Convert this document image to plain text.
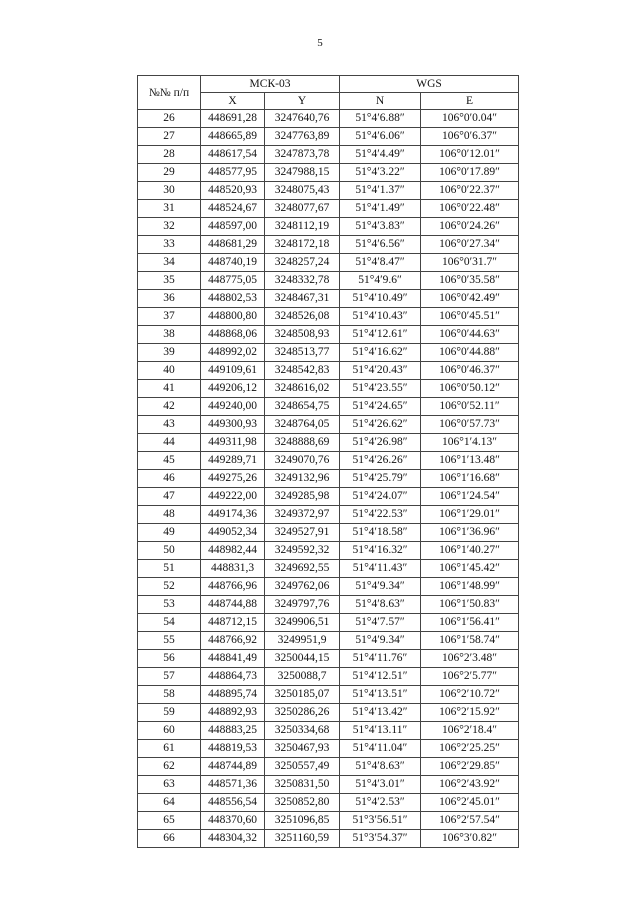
5
№№ п/п	МСК-03		WGS	
	X	Y	N	E
26	448691,28	3247640,76	51°4′6.88″	106°0′0.04″
27	448665,89	3247763,89	51°4′6.06″	106°0′6.37″
28	448617,54	3247873,78	51°4′4.49″	106°0′12.01″
29	448577,95	3247988,15	51°4′3.22″	106°0′17.89″
30	448520,93	3248075,43	51°4′1.37″	106°0′22.37″
31	448524,67	3248077,67	51°4′1.49″	106°0′22.48″
32	448597,00	3248112,19	51°4′3.83″	106°0′24.26″
33	448681,29	3248172,18	51°4′6.56″	106°0′27.34″
34	448740,19	3248257,24	51°4′8.47″	106°0′31.7″
35	448775,05	3248332,78	51°4′9.6″	106°0′35.58″
36	448802,53	3248467,31	51°4′10.49″	106°0′42.49″
37	448800,80	3248526,08	51°4′10.43″	106°0′45.51″
38	448868,06	3248508,93	51°4′12.61″	106°0′44.63″
39	448992,02	3248513,77	51°4′16.62″	106°0′44.88″
40	449109,61	3248542,83	51°4′20.43″	106°0′46.37″
41	449206,12	3248616,02	51°4′23.55″	106°0′50.12″
42	449240,00	3248654,75	51°4′24.65″	106°0′52.11″
43	449300,93	3248764,05	51°4′26.62″	106°0′57.73″
44	449311,98	3248888,69	51°4′26.98″	106°1′4.13″
45	449289,71	3249070,76	51°4′26.26″	106°1′13.48″
46	449275,26	3249132,96	51°4′25.79″	106°1′16.68″
47	449222,00	3249285,98	51°4′24.07″	106°1′24.54″
48	449174,36	3249372,97	51°4′22.53″	106°1′29.01″
49	449052,34	3249527,91	51°4′18.58″	106°1′36.96″
50	448982,44	3249592,32	51°4′16.32″	106°1′40.27″
51	448831,3	3249692,55	51°4′11.43″	106°1′45.42″
52	448766,96	3249762,06	51°4′9.34″	106°1′48.99″
53	448744,88	3249797,76	51°4′8.63″	106°1′50.83″
54	448712,15	3249906,51	51°4′7.57″	106°1′56.41″
55	448766,92	3249951,9	51°4′9.34″	106°1′58.74″
56	448841,49	3250044,15	51°4′11.76″	106°2′3.48″
57	448864,73	3250088,7	51°4′12.51″	106°2′5.77″
58	448895,74	3250185,07	51°4′13.51″	106°2′10.72″
59	448892,93	3250286,26	51°4′13.42″	106°2′15.92″
60	448883,25	3250334,68	51°4′13.11″	106°2′18.4″
61	448819,53	3250467,93	51°4′11.04″	106°2′25.25″
62	448744,89	3250557,49	51°4′8.63″	106°2′29.85″
63	448571,36	3250831,50	51°4′3.01″	106°2′43.92″
64	448556,54	3250852,80	51°4′2.53″	106°2′45.01″
65	448370,60	3251096,85	51°3′56.51″	106°2′57.54″
66	448304,32	3251160,59	51°3′54.37″	106°3′0.82″
